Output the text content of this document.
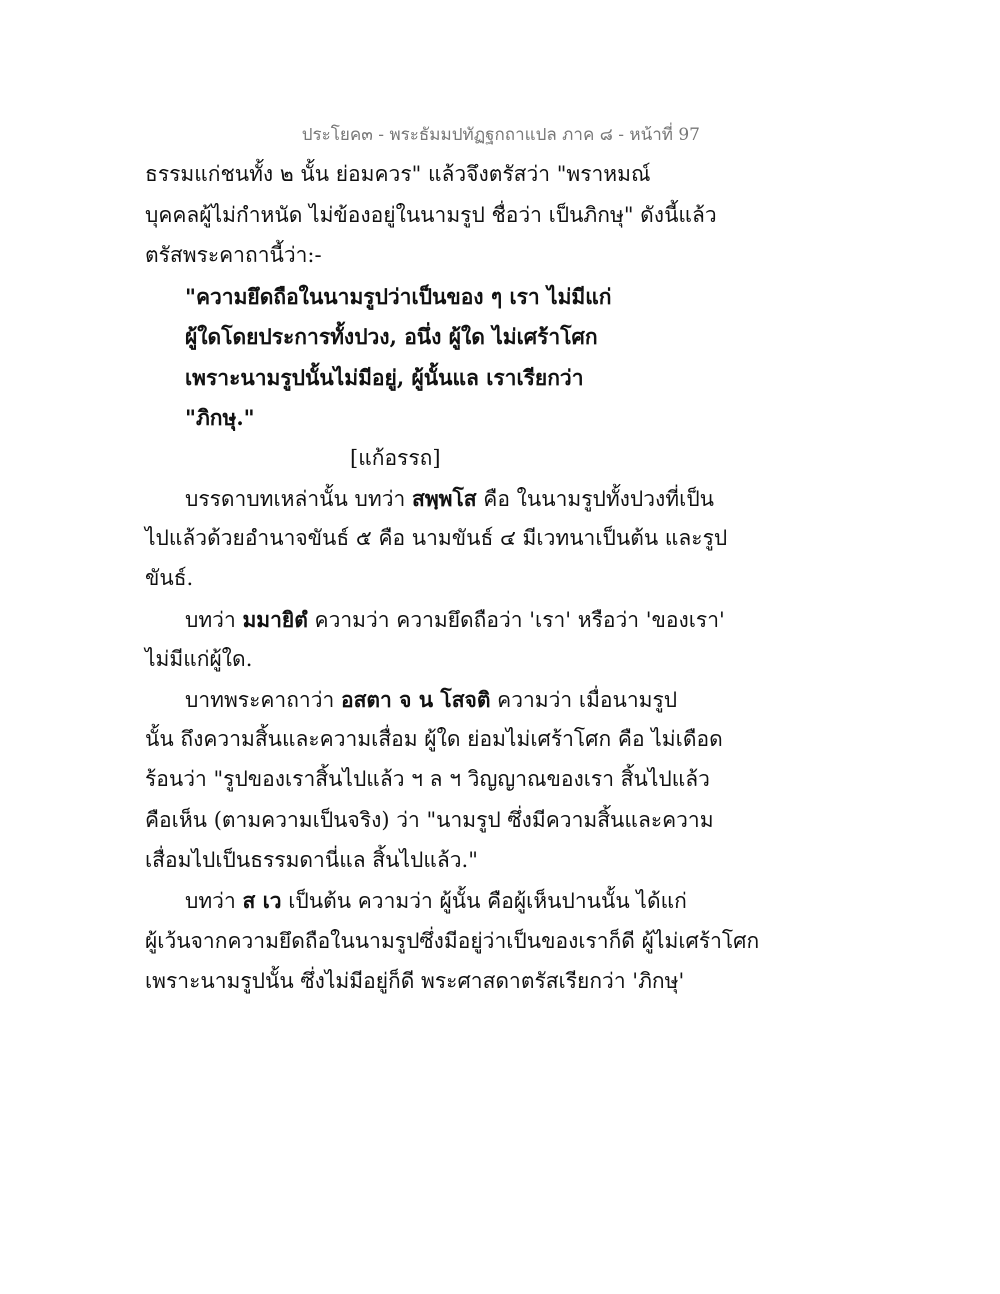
ประโยค๓ - พระธัมมปทัฏฐกถาแปล ภาค ๘ - หน้าที่ 97
ธรรมแก่ชนทั้ง ๒ นั้น ย่อมควร" แล้วจึงตรัสว่า "พราหมณ์
บุคคลผู้ไม่กำหนัด ไม่ข้องอยู่ในนามรูป ชื่อว่า เป็นภิกษุ" ดังนี้แล้ว
ตรัสพระคาถานี้ว่า:-
"ความยึดถือในนามรูปว่าเป็นของ ๆ เรา ไม่มีแก่
ผู้ใดโดยประการทั้งปวง, อนึ่ง ผู้ใด ไม่เศร้าโศก
เพราะนามรูปนั้นไม่มีอยู่, ผู้นั้นแล เราเรียกว่า
"ภิกษุ."
[แก้อรรถ]
บรรดาบทเหล่านั้น บทว่า สพฺพโส คือ ในนามรูปทั้งปวงที่เป็น
ไปแล้วด้วยอำนาจขันธ์ ๕ คือ นามขันธ์ ๔ มีเวทนาเป็นต้น และรูป
ขันธ์.
บทว่า มมายิตํ ความว่า ความยึดถือว่า 'เรา' หรือว่า 'ของเรา'
ไม่มีแก่ผู้ใด.
บาทพระคาถาว่า อสตา จ น โสจติ ความว่า เมื่อนามรูป
นั้น ถึงความสิ้นและความเสื่อม ผู้ใด ย่อมไม่เศร้าโศก คือ ไม่เดือด
ร้อนว่า "รูปของเราสิ้นไปแล้ว ฯ ล ฯ วิญญาณของเรา สิ้นไปแล้ว
คือเห็น (ตามความเป็นจริง) ว่า "นามรูป ซึ่งมีความสิ้นและความ
เสื่อมไปเป็นธรรมดานี่แล สิ้นไปแล้ว."
บทว่า ส เว เป็นต้น ความว่า ผู้นั้น คือผู้เห็นปานนั้น ได้แก่
ผู้เว้นจากความยึดถือในนามรูปซึ่งมีอยู่ว่าเป็นของเราก็ดี ผู้ไม่เศร้าโศก
เพราะนามรูปนั้น ซึ่งไม่มีอยู่ก็ดี พระศาสดาตรัสเรียกว่า 'ภิกษุ'
